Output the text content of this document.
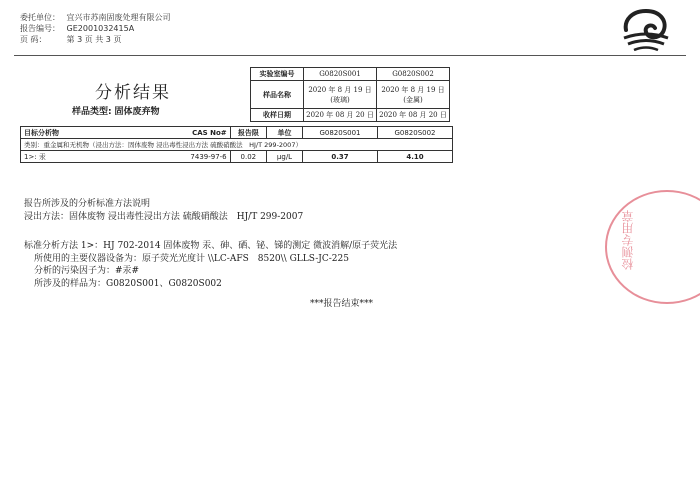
委托单位： 宜兴市苏南固废处理有限公司
报告编号： GE2001032415A
页 码：	第 3 页 共 3 页
分析结果
样品类型: 固体废弃物
实验室编号	G0820S001	G0820S002
样品名称	2020 年 8 月 19 日(玻璃)	2020 年 8 月 19 日(金属)
收样日期	2020 年 08 月 20 日	2020 年 08 月 20 日
目标分析物	CAS No#	报告限	单位	G0820S001	G0820S002
类别：重金属和无机物（浸出方法：固体废物 浸出毒性浸出方法 硫酸硝酸法　HJ/T 299-2007）					
1>: 汞	7439-97-6	0.02	μg/L	0.37	4.10
报告所涉及的分析标准方法说明
浸出方法：固体废物 浸出毒性浸出方法 硫酸硝酸法　HJ/T 299-2007
标准分析方法 1>：HJ 702-2014 固体废物 汞、砷、硒、铋、锑的测定 微波消解/原子荧光法
所使用的主要仪器设备为：原子荧光光度计 \\LC-AFS　8520\\ GLLS-JC-225
分析的污染因子为：#汞#
所涉及的样品为：G0820S001、G0820S002
***报告结束***
检测专用章
